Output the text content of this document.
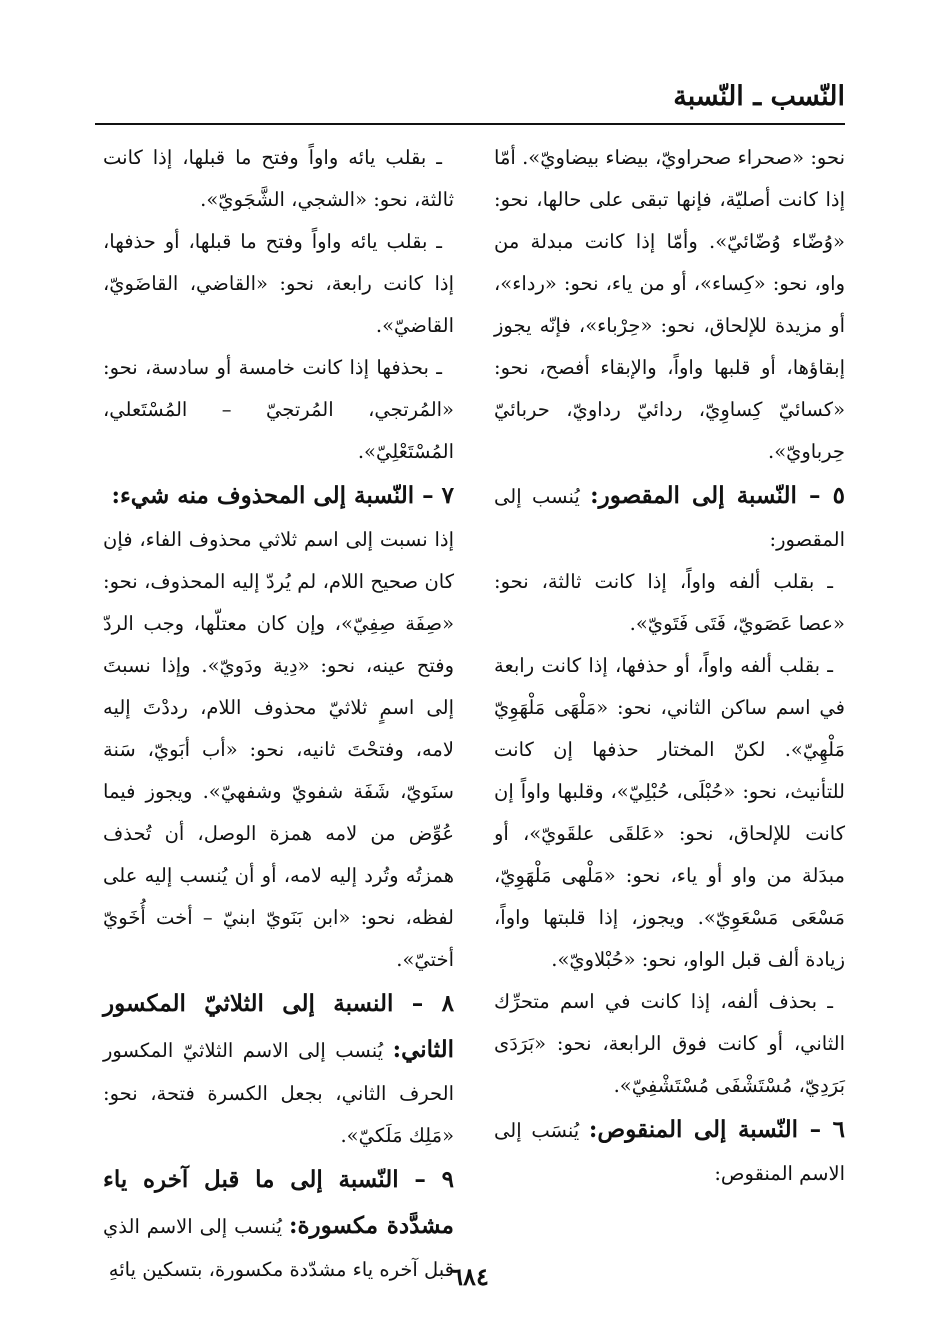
النّسب ـ النّسبة

نحو: «صحراء صحراويّ، بيضاء بيضاويّ». أمّا إذا كانت أصليّة، فإنها تبقى على حالها، نحو: «وُضّاء وُضّائيّ». وأمّا إذا كانت مبدلة من واو، نحو: «كِساء»، أو من ياء، نحو: «رداء»، أو مزيدة للإلحاق، نحو: «حِرْباء»، فإنّه يجوز إبقاؤها، أو قلبها واواً، والإبقاء أفصح، نحو: «كسائيّ كِساوِيّ، ردائيّ رداويّ، حربائيّ حِرباويّ».

٥ – النّسبة إلى المقصور: يُنسب إلى المقصور:

ـ بقلب ألفه واواً، إذا كانت ثالثة، نحو: «عصا عَصَويّ، فَتَى فَتَويّ».

ـ بقلب ألفه واواً، أو حذفها، إذا كانت رابعة في اسم ساكن الثاني، نحو: «مَلْهَى مَلْهَوِيّ مَلْهِيّ». لكنّ المختار حذفها إن كانت للتأنيث، نحو: «حُبْلَى، حُبْلِيّ»، وقلبها واواً إن كانت للإلحاق، نحو: «عَلقَى علقَويّ»، أو مبدَلة من واو أو ياء، نحو: «مَلْهى مَلْهَوِيّ، مَسْعَى مَسْعَوِيّ». ويجوز، إذا قلبتها واواً، زيادة ألف قبل الواو، نحو: «حُبْلاويّ».

ـ بحذف ألفه، إذا كانت في اسم متحرِّك الثاني، أو كانت فوق الرابعة، نحو: «بَرَدَى بَرَدِيّ، مُسْتَشْفَى مُسْتَشْفِيّ».

٦ – النّسبة إلى المنقوص: يُنسَب إلى الاسم المنقوص:

ـ بقلب يائه واواً وفتح ما قبلها، إذا كانت ثالثة، نحو: «الشجي، الشَّجَويّ».

ـ بقلب يائه واواً وفتح ما قبلها، أو حذفها، إذا كانت رابعة، نحو: «القاضي، القاضَويّ، القاضيّ».

ـ بحذفها إذا كانت خامسة أو سادسة، نحو: «المُرتجي، المُرتجيّ – المُسْتَعلي، المُسْتَعْلِيّ».

٧ – النّسبة إلى المحذوف منه شيء:

إذا نسبت إلى اسم ثلاثي محذوف الفاء، فإن كان صحيح اللام، لم يُردّ إليه المحذوف، نحو: «صِفَة صِفِيّ»، وإن كان معتلّها، وجب الردّ وفتح عينه، نحو: «دِية ودَويّ». وإذا نسبتَ إلى اسمٍ ثلاثيّ محذوف اللام، رددْتَ إليه لامه، وفتحْتَ ثانيه، نحو: «أب أبَويّ، سَنة سنَويّ، شَفَة شفويّ وشفهيّ». ويجوز فيما عُوِّض من لامه همزة الوصل، أن تُحذف همزتُه وتُرد إليه لامه، أو أن يُنسب إليه على لفظه، نحو: «ابن بَنَويّ ابنيّ – أخت أُخَويّ أختيّ».

٨ – النسبة إلى الثلاثيّ المكسور الثاني: يُنسب إلى الاسم الثلاثيّ المكسور الحرف الثاني، بجعل الكسرة فتحة، نحو: «مَلِك مَلَكيّ».

٩ – النّسبة إلى ما قبل آخره ياء مشدَّدة مكسورة: يُنسب إلى الاسم الذي قبل آخره ياء مشدّدة مكسورة، بتسكين يائهِ

٦٨٤
